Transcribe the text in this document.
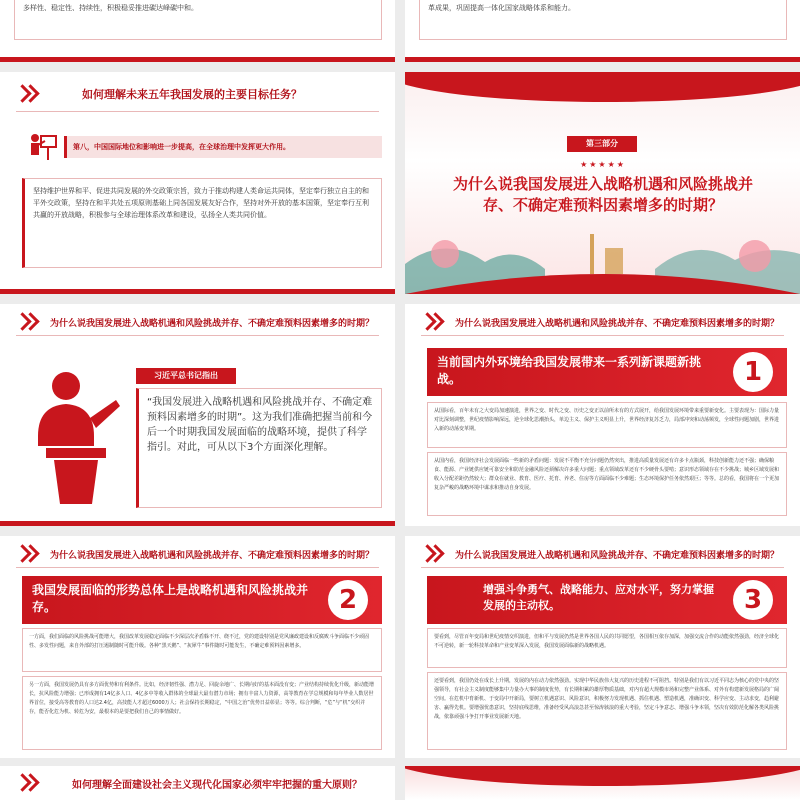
多样性、稳定性、持续性，积极稳妥推进碳达峰碳中和。	革成果，巩固提高一体化国家战略体系和能力。
如何理解未来五年我国发展的主要目标任务？
第八，中国国际地位和影响进一步提高，在全球治理中发挥更大作用。
坚持维护世界和平、促进共同发展的外交政策宗旨，致力于推动构建人类命运共同体，坚定奉行独立自主的和平外交政策，坚持在和平共处五项原则基础上同各国发展友好合作，坚持对外开放的基本国策，坚定奉行互利共赢的开放战略，积极参与全球治理体系改革和建设，弘扬全人类共同价值。
第三部分
★★★★★
为什么说我国发展进入战略机遇和风险挑战并存、不确定难预料因素增多的时期？
为什么说我国发展进入战略机遇和风险挑战并存、不确定难预料因素增多的时期？
习近平总书记指出
“我国发展进入战略机遇和风险挑战并存、不确定难预料因素增多的时期”。这为我们准确把握当前和今后一个时期我国发展面临的战略环境，提供了科学指引。对此，可从以下3个方面深化理解。
为什么说我国发展进入战略机遇和风险挑战并存、不确定难预料因素增多的时期？
当前国内外环境给我国发展带来一系列新课题新挑战。	1
从国际看，百年未有之大变局加速演进，世界之变、时代之变、历史之变正以前所未有的方式展开，给我国发展环境带来重要新变化。主要表现为：国际力量对比深刻调整，世纪疫情影响深远，逆全球化思潮抬头，单边主义、保护主义明显上升，世界经济复苏乏力，局部冲突和动荡频发，全球性问题加剧，世界进入新的动荡变革期。
从国内看，我国经济社会发展面临一些新的矛盾问题：发展不平衡不充分问题仍然突出，推进高质量发展还有许多卡点瓶颈，科技创新能力还不强；确保粮食、能源、产业链供应链可靠安全和防范金融风险还须解决许多重大问题；重点领域改革还有不少硬骨头要啃；意识形态领域存在不少挑战；城乡区域发展和收入分配差距仍然较大；群众在就业、教育、医疗、托育、养老、住房等方面面临不少难题；生态环境保护任务依然艰巨；等等。总的看，我国将在一个更加复杂严峻的战略环境中谋求和推动自身发展。
为什么说我国发展进入战略机遇和风险挑战并存、不确定难预料因素增多的时期？
我国发展面临的形势总体上是战略机遇和风险挑战并存。	2
一方面，我们面临的风险挑战可能增大，我国改革发展稳定面临不少深层次矛盾躲不开、绕不过，党的建设特别是党风廉政建设和反腐败斗争面临不少顽固性、多发性问题，来自外部的打压遏制随时可能升级。各种“黑天鹅”、“灰犀牛”事件随时可能发生，不确定难预料因素增多。
另一方面，我国发展仍具有多方面优势和有利条件。比如，经济韧性强、潜力足、回旋余地广、长期向好的基本面没有变；产业结构持续优化升级，新动能增长，抗风险能力增强；已形成拥有14亿多人口、4亿多中等收入群体的全球最大最有潜力市场；拥有丰富人力资源，高等教育在学总规模和每年毕业人数居世界首位，接受高等教育的人口达2.4亿，高技能人才超过6000万人；社会保持长期稳定，“中国之治”优势日益彰显；等等。综合判断，“危”与“机”交织并存，能否化危为机、转危为安，最根本的是要把我们自己的事情做好。
为什么说我国发展进入战略机遇和风险挑战并存、不确定难预料因素增多的时期？
增强斗争勇气、战略能力、应对水平，努力掌握发展的主动权。	3
要看到，尽管百年变局和世纪疫情交织演进，但和平与发展仍然是世界各国人民的共同愿望，各国相互依存加深，加强交流合作的动能依然强劲，经济全球化不可逆转，新一轮科技革命和产业变革深入发展，我国发展面临新的战略机遇。
还要看到，我国仍处在成长上升期，发展的内在动力依然强劲。实现中华民族伟大复兴的历史进程不可阻挡。特别是我们有以习近平同志为核心的党中央的坚强领导，有社会主义制度能够集中力量办大事的制度优势，有长期积累的雄厚物质基础，对内有超大规模市场和完整产业体系、对外有构建新发展格局的广阔空间。在危机中育新机、于变局中开新局，要树立机遇意识、风险意识，积极努力发现机遇、抓住机遇、塑造机遇，准确识变、科学应变、主动求变，趋利避害、赢得先机。要增强忧患意识，坚持底线思维，准备经受风高浪急甚至惊涛骇浪的重大考验，坚定斗争意志、增强斗争本领，坚决有效防范化解各类风险挑战，依靠顽强斗争打开事业发展新天地。
如何理解全面建设社会主义现代化国家必须牢牢把握的重大原则？
